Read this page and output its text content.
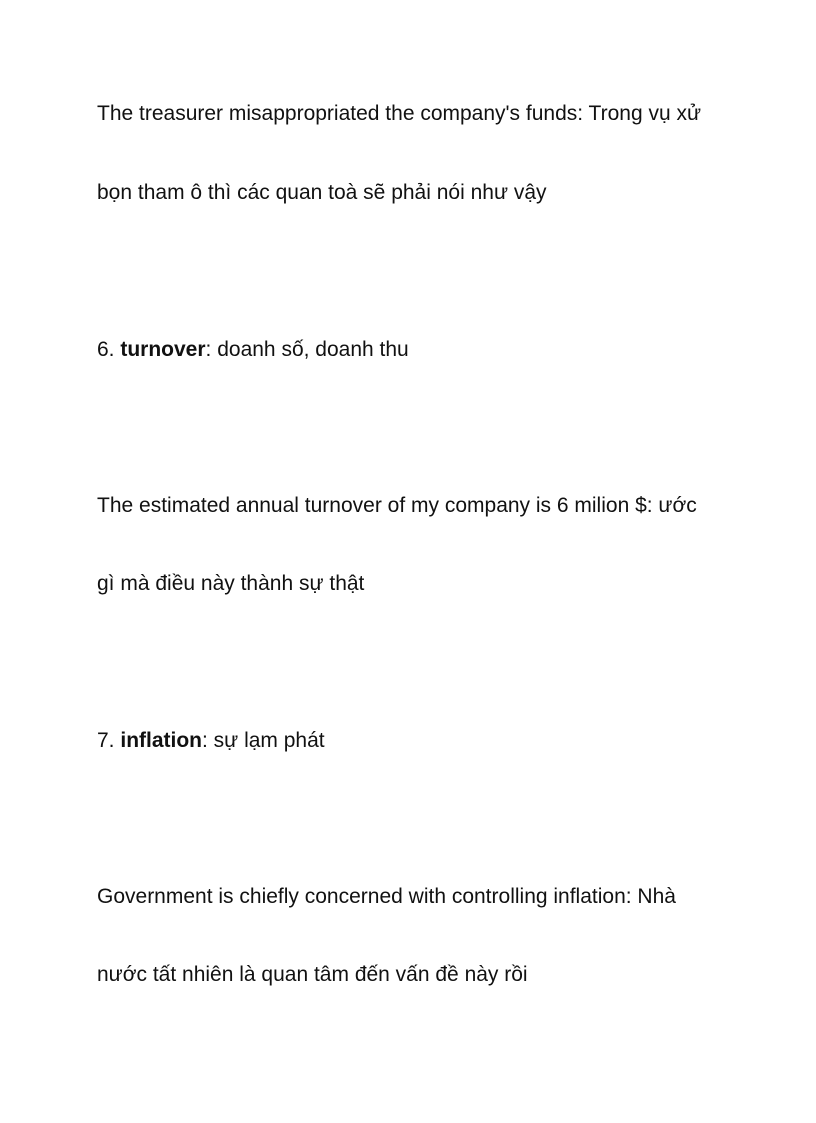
The treasurer misappropriated the company's funds: Trong vụ xử
bọn tham ô thì các quan toà sẽ phải nói như vậy
6. turnover: doanh số, doanh thu
The estimated annual turnover of my company is 6 milion $: ước
gì mà điều này thành sự thật
7. inflation: sự lạm phát
Government is chiefly concerned with controlling inflation: Nhà
nước tất nhiên là quan tâm đến vấn đề này rồi
